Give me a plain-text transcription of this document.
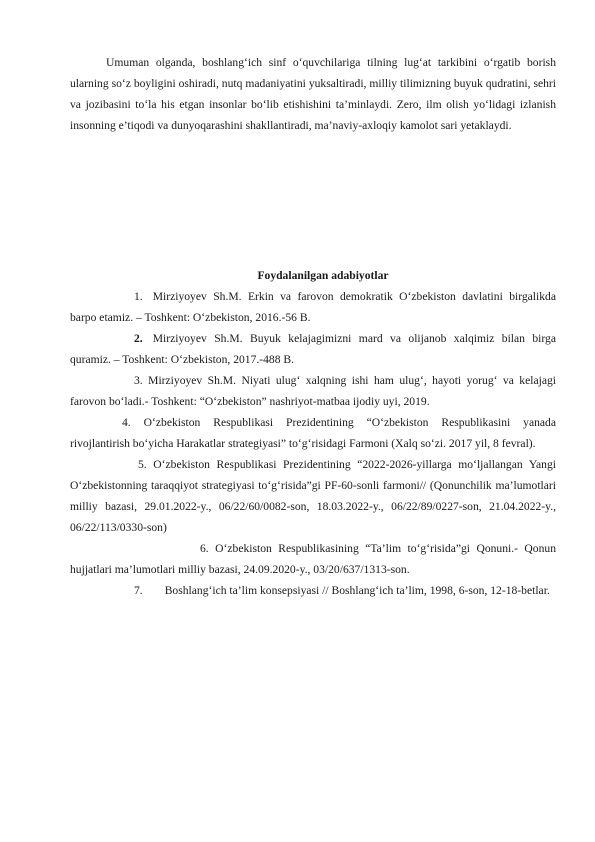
Umuman olganda, boshlang‘ich sinf o‘quvchilariga tilning lug‘at tarkibini o‘rgatib borish ularning so‘z boyligini oshiradi, nutq madaniyatini yuksaltiradi, milliy tilimizning buyuk qudratini, sehri va jozibasini to‘la his etgan insonlar bo‘lib etishishini ta’minlaydi. Zero, ilm olish yo‘lidagi izlanish insonning e’tiqodi va dunyoqarashini shakllantiradi, ma’naviy-axloqiy kamolot sari yetaklaydi.

Foydalanilgan adabiyotlar

1. Mirziyoyev Sh.M. Erkin va farovon demokratik O‘zbekiston davlatini birgalikda barpo etamiz. – Toshkent: O‘zbekiston, 2016.-56 B.

2. Mirziyoyev Sh.M. Buyuk kelajagimizni mard va olijanob xalqimiz bilan birga quramiz. – Toshkent: O‘zbekiston, 2017.-488 B.

3. Mirziyoyev Sh.M. Niyati ulug‘ xalqning ishi ham ulug‘, hayoti yorug‘ va kelajagi farovon bo‘ladi.- Toshkent: “O‘zbekiston” nashriyot-matbaa ijodiy uyi, 2019.

4. O‘zbekiston Respublikasi Prezidentining “O‘zbekiston Respublikasini yanada rivojlantirish bo‘yicha Harakatlar strategiyasi” to‘g‘risidagi Farmoni (Xalq so‘zi. 2017 yil, 8 fevral).

5. O‘zbekiston Respublikasi Prezidentining “2022-2026-yillarga mo‘ljallangan Yangi O‘zbekistonning taraqqiyot strategiyasi to‘g‘risida”gi PF-60-sonli farmoni// (Qonunchilik ma’lumotlari milliy bazasi, 29.01.2022-y., 06/22/60/0082-son, 18.03.2022-y., 06/22/89/0227-son, 21.04.2022-y., 06/22/113/0330-son)

6. O‘zbekiston Respublikasining “Ta’lim to‘g‘risida”gi Qonuni.- Qonun hujjatlari ma’lumotlari milliy bazasi, 24.09.2020-y., 03/20/637/1313-son.

7. Boshlang‘ich ta’lim konsepsiyasi // Boshlang‘ich ta’lim, 1998, 6-son, 12-18-betlar.
